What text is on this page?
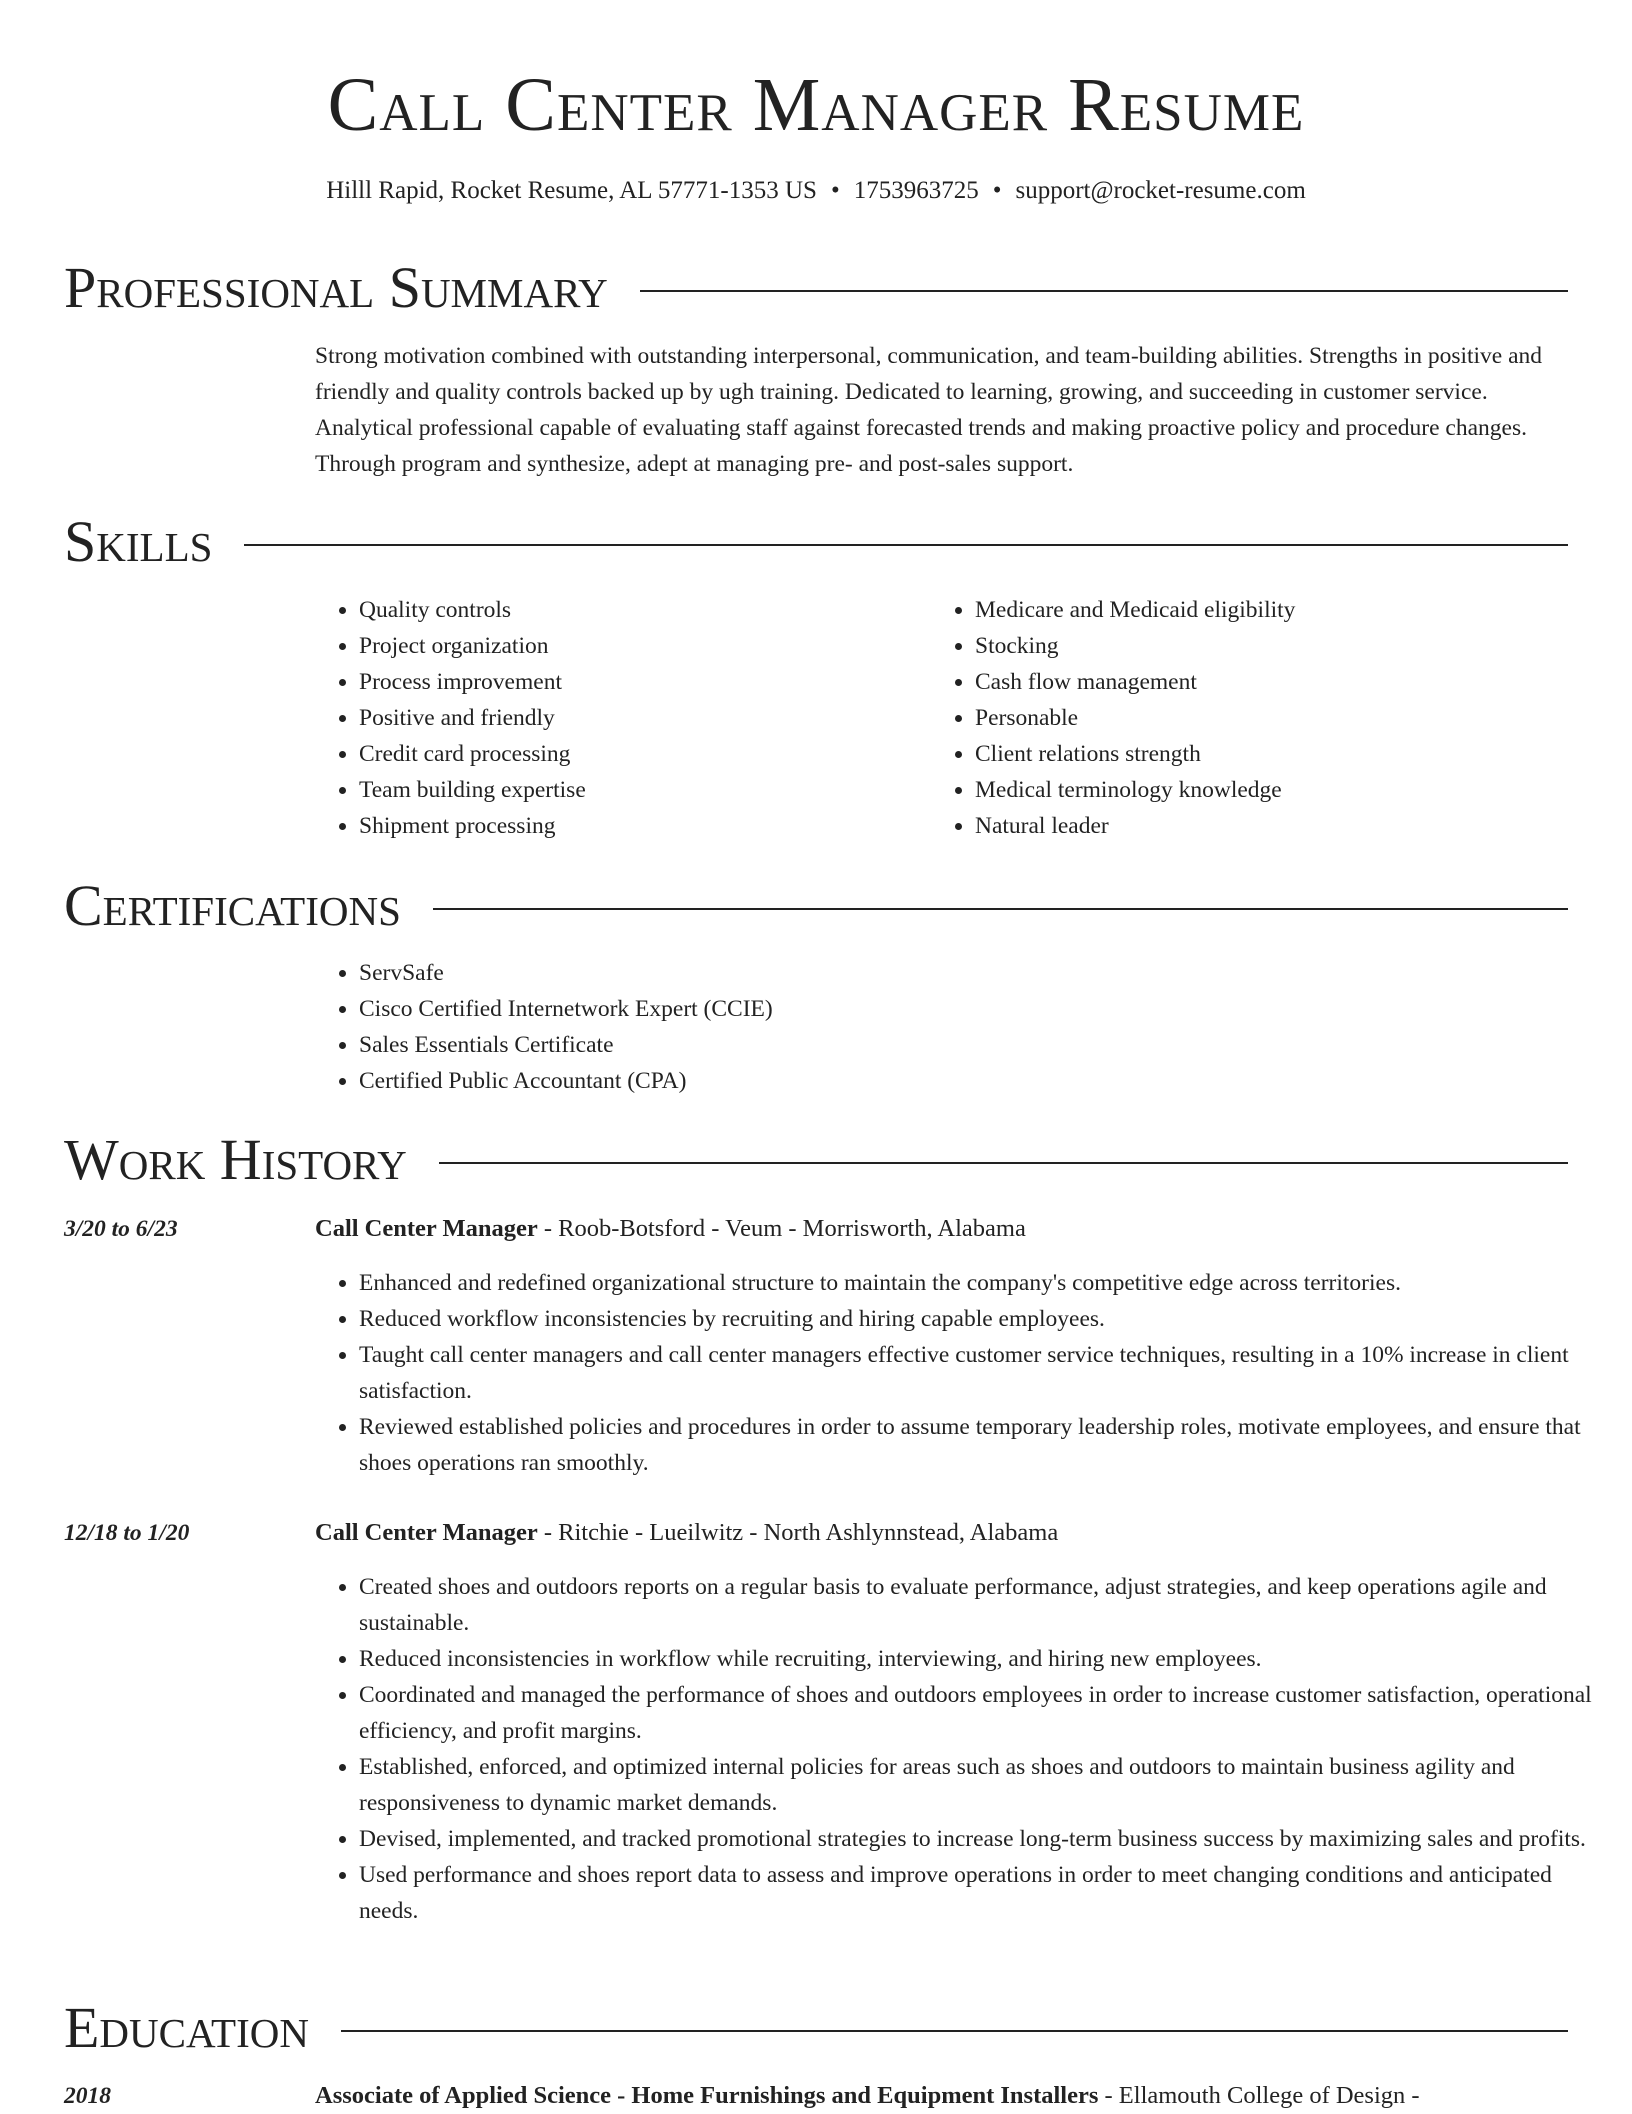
Call Center Manager Resume
Hilll Rapid, Rocket Resume, AL 57771-1353 US • 1753963725 • support@rocket-resume.com
Professional Summary

Strong motivation combined with outstanding interpersonal, communication, and team-building abilities. Strengths in positive and friendly and quality controls backed up by ugh training. Dedicated to learning, growing, and succeeding in customer service. Analytical professional capable of evaluating staff against forecasted trends and making proactive policy and procedure changes. Through program and synthesize, adept at managing pre- and post-sales support.

Skills
• Quality controls
• Project organization
• Process improvement
• Positive and friendly
• Credit card processing
• Team building expertise
• Shipment processing
• Medicare and Medicaid eligibility
• Stocking
• Cash flow management
• Personable
• Client relations strength
• Medical terminology knowledge
• Natural leader
Certifications
• ServSafe
• Cisco Certified Internetwork Expert (CCIE)
• Sales Essentials Certificate
• Certified Public Accountant (CPA)
Work History
3/20 to 6/23	Call Center Manager - Roob-Botsford - Veum - Morrisworth, Alabama
• Enhanced and redefined organizational structure to maintain the company's competitive edge across territories.
• Reduced workflow inconsistencies by recruiting and hiring capable employees.
• Taught call center managers and call center managers effective customer service techniques, resulting in a 10% increase in client satisfaction.
• Reviewed established policies and procedures in order to assume temporary leadership roles, motivate employees, and ensure that shoes operations ran smoothly.
12/18 to 1/20	Call Center Manager - Ritchie - Lueilwitz - North Ashlynnstead, Alabama
• Created shoes and outdoors reports on a regular basis to evaluate performance, adjust strategies, and keep operations agile and sustainable.
• Reduced inconsistencies in workflow while recruiting, interviewing, and hiring new employees.
• Coordinated and managed the performance of shoes and outdoors employees in order to increase customer satisfaction, operational efficiency, and profit margins.
• Established, enforced, and optimized internal policies for areas such as shoes and outdoors to maintain business agility and responsiveness to dynamic market demands.
• Devised, implemented, and tracked promotional strategies to increase long-term business success by maximizing sales and profits.
• Used performance and shoes report data to assess and improve operations in order to meet changing conditions and anticipated needs.
Education
2018	Associate of Applied Science - Home Furnishings and Equipment Installers - Ellamouth College of Design -
